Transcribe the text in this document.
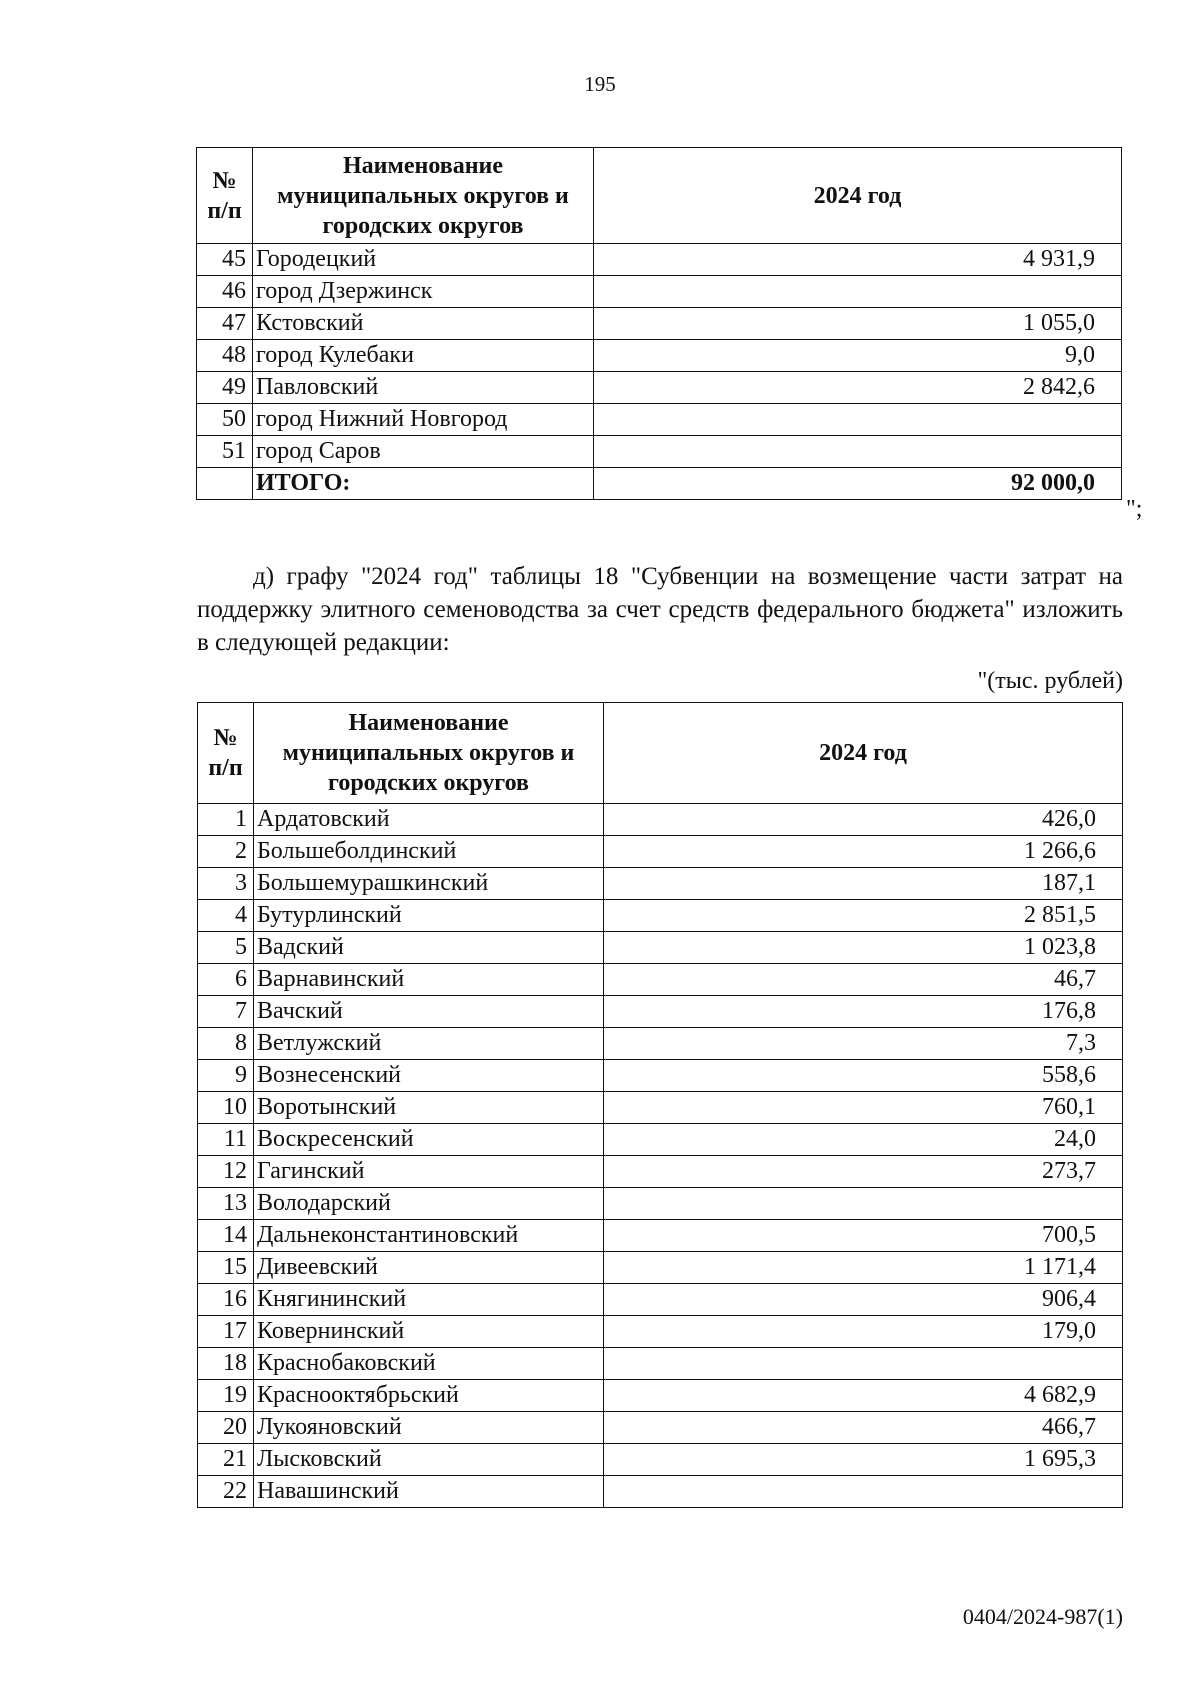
195
№ п/п	Наименование муниципальных округов и городских округов	2024 год
45	Городецкий	4 931,9
46	город Дзержинск	
47	Кстовский	1 055,0
48	город Кулебаки	9,0
49	Павловский	2 842,6
50	город Нижний Новгород	
51	город Саров	
	ИТОГО:	92 000,0
";

д) графу "2024 год" таблицы 18 "Субвенции на возмещение части затрат на поддержку элитного семеноводства за счет средств федерального бюджета" изложить в следующей редакции:

"(тыс. рублей)
№ п/п	Наименование муниципальных округов и городских округов	2024 год
1	Ардатовский	426,0
2	Большеболдинский	1 266,6
3	Большемурашкинский	187,1
4	Бутурлинский	2 851,5
5	Вадский	1 023,8
6	Варнавинский	46,7
7	Вачский	176,8
8	Ветлужский	7,3
9	Вознесенский	558,6
10	Воротынский	760,1
11	Воскресенский	24,0
12	Гагинский	273,7
13	Володарский	
14	Дальнеконстантиновский	700,5
15	Дивеевский	1 171,4
16	Княгининский	906,4
17	Ковернинский	179,0
18	Краснобаковский	
19	Краснооктябрьский	4 682,9
20	Лукояновский	466,7
21	Лысковский	1 695,3
22	Навашинский	
0404/2024-987(1)
